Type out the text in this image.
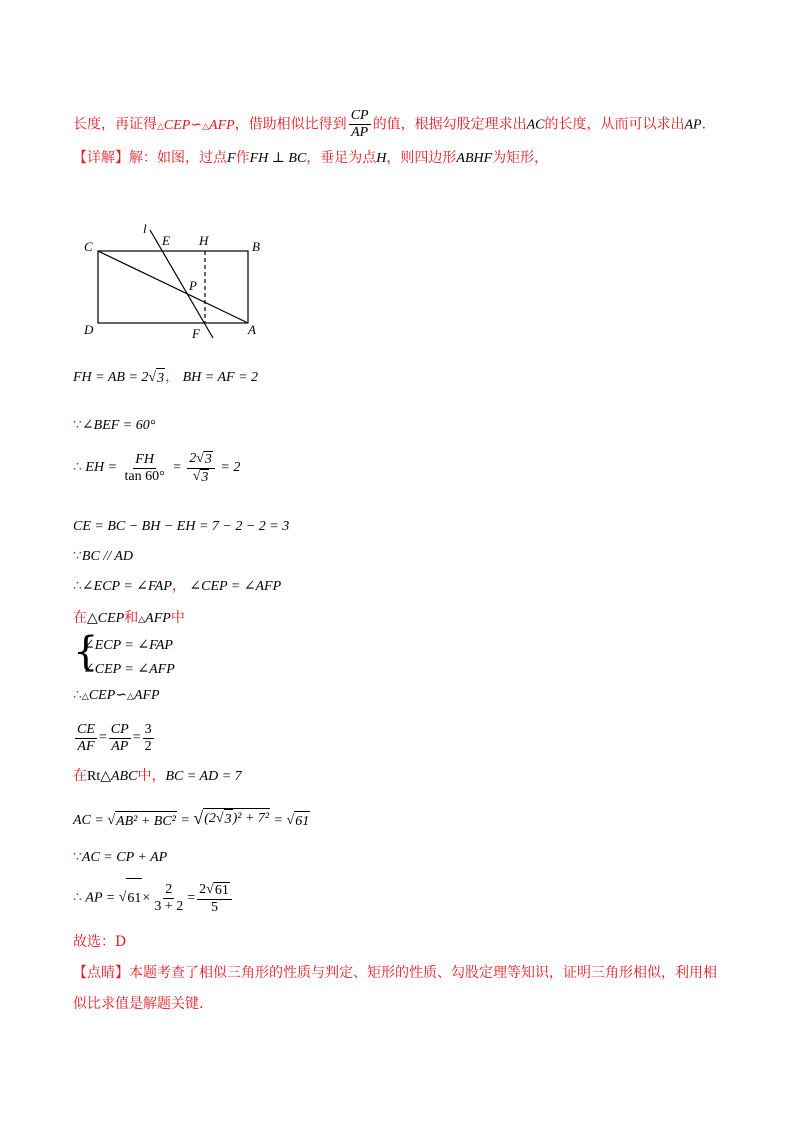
长度，再证得△CEP∽△AFP，借助相似比得到 $\frac{CP}{AP}$ 的值，根据勾股定理求出AC的长度，从而可以求出AP.
【详解】解：如图，过点F作FH ⊥ BC，垂足为点H，则四边形ABHF为矩形，
C
l
E H	B
P
D	F	A
FH = AB = 2 √ 3 ， BH = AF = 2
∵∠BEF = 60°
∴ EH = $\frac{FH}{\tan 60^\circ} = \frac{2 √ 3}{√ 3} = 2$
CE = BC − BH − EH = 7 − 2 − 2 = 3
∵BC // AD
∴∠ECP = ∠FAP， ∠CEP = ∠AFP
在△CEP和△AFP中
{
∠ECP = ∠FAP
∠CEP = ∠AFP
∴△CEP∽△AFP
$\frac{CE}{AF} = \frac{CP}{AP} = \frac{3}{2}$
在Rt△ABC中，BC = AD = 7
AC = √ AB² + BC² = √ (2 √ 3 )² + 7² = √ 61
∵AC = CP + AP
∴ AP = √ $61 \times \frac{2}{3 + 2} = \frac{2 √ 61}{5}$
故选：D
【点睛】本题考查了相似三角形的性质与判定、矩形的性质、勾股定理等知识，证明三角形相似，利用相
似比求值是解题关键.
